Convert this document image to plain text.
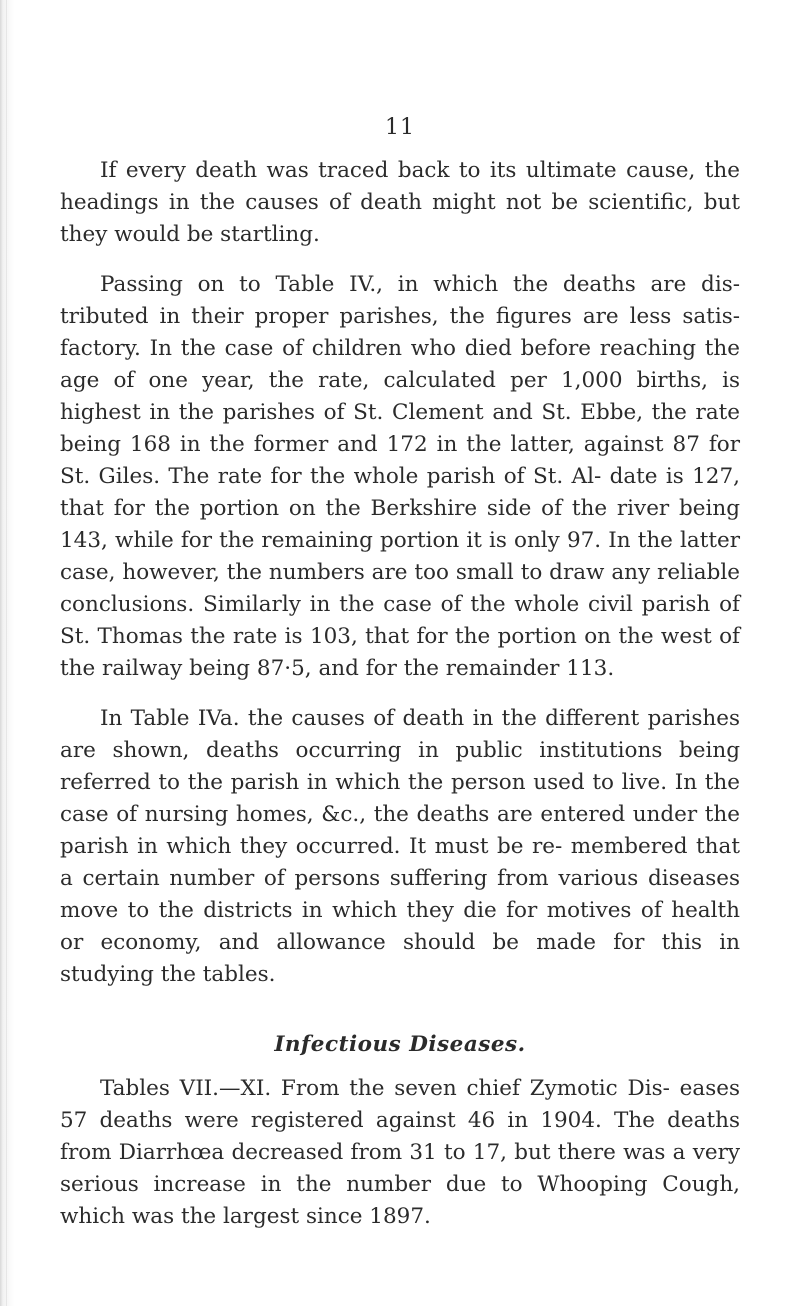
11

If every death was traced back to its ultimate cause, the headings in the causes of death might not be scientific, but they would be startling.

Passing on to Table IV., in which the deaths are dis- tributed in their proper parishes, the figures are less satis- factory. In the case of children who died before reaching the age of one year, the rate, calculated per 1,000 births, is highest in the parishes of St. Clement and St. Ebbe, the rate being 168 in the former and 172 in the latter, against 87 for St. Giles. The rate for the whole parish of St. Al- date is 127, that for the portion on the Berkshire side of the river being 143, while for the remaining portion it is only 97. In the latter case, however, the numbers are too small to draw any reliable conclusions. Similarly in the case of the whole civil parish of St. Thomas the rate is 103, that for the portion on the west of the railway being 87·5, and for the remainder 113.

In Table IVa. the causes of death in the different parishes are shown, deaths occurring in public institutions being referred to the parish in which the person used to live. In the case of nursing homes, &c., the deaths are entered under the parish in which they occurred. It must be re- membered that a certain number of persons suffering from various diseases move to the districts in which they die for motives of health or economy, and allowance should be made for this in studying the tables.

Infectious Diseases.

Tables VII.—XI. From the seven chief Zymotic Dis- eases 57 deaths were registered against 46 in 1904. The deaths from Diarrhœa decreased from 31 to 17, but there was a very serious increase in the number due to Whooping Cough, which was the largest since 1897.
